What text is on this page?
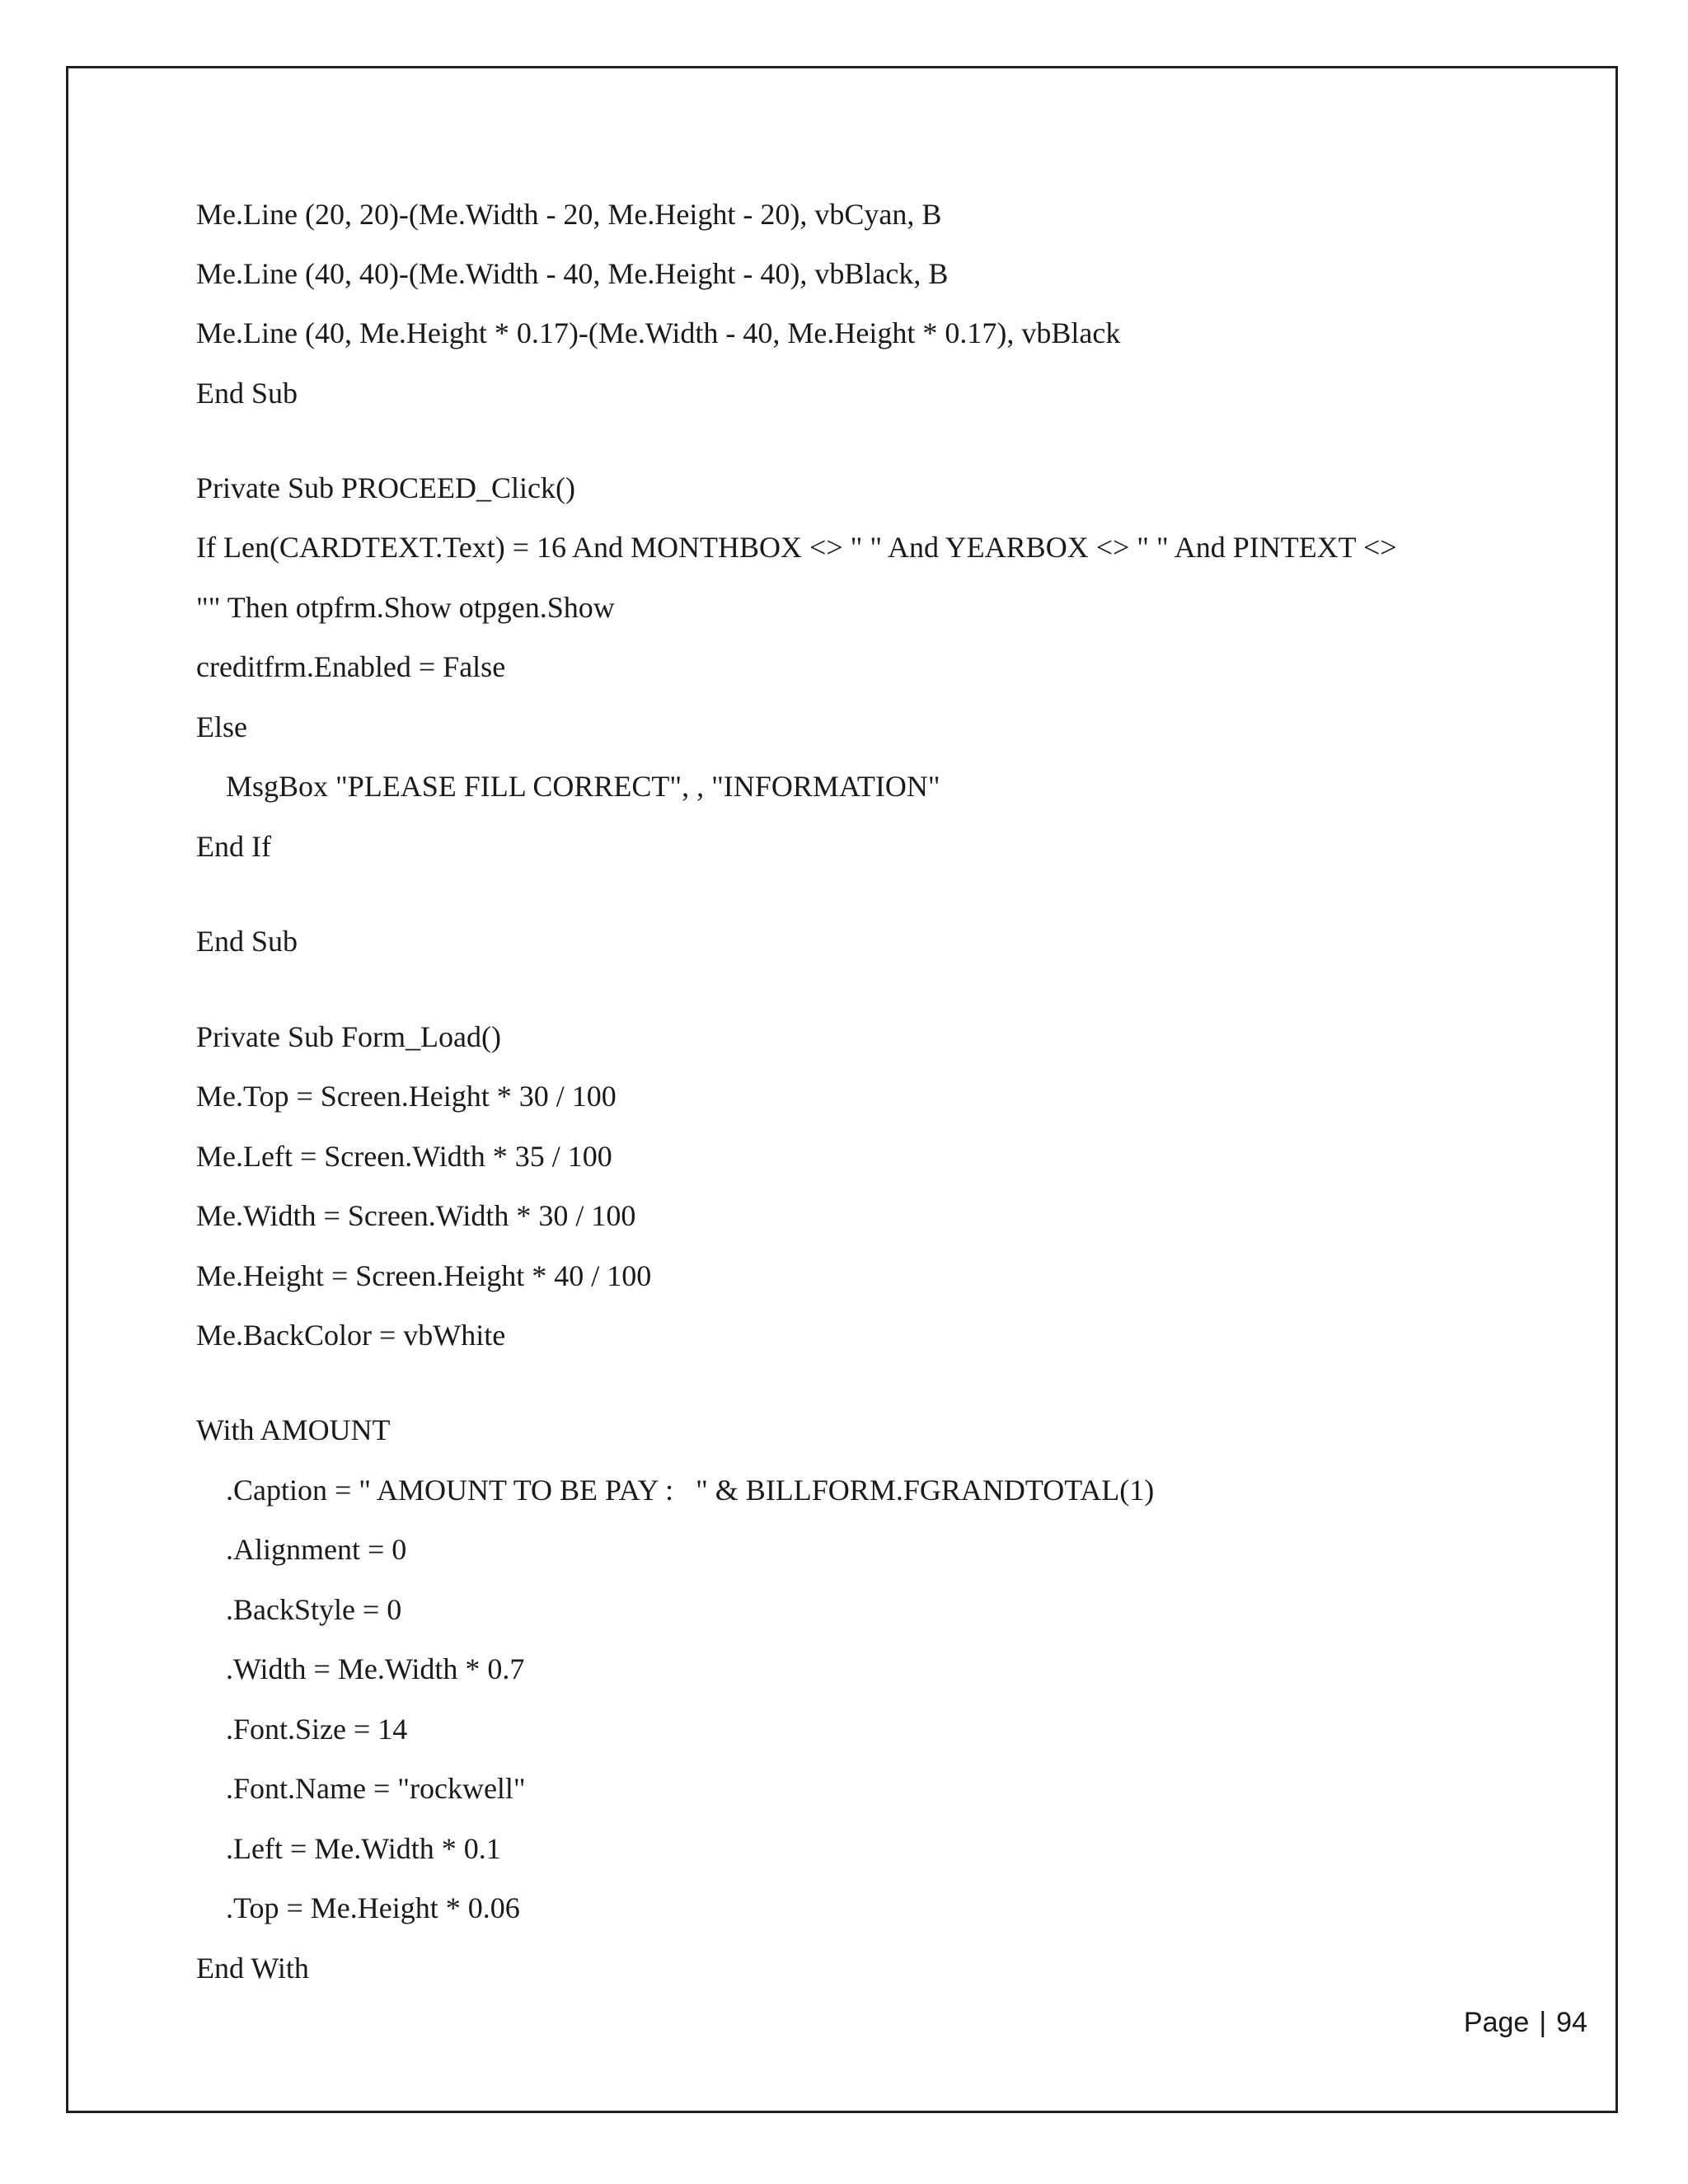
Me.Line (20, 20)-(Me.Width - 20, Me.Height - 20), vbCyan, B

Me.Line (40, 40)-(Me.Width - 40, Me.Height - 40), vbBlack, B

Me.Line (40, Me.Height * 0.17)-(Me.Width - 40, Me.Height * 0.17), vbBlack

End Sub

Private Sub PROCEED_Click()

If Len(CARDTEXT.Text) = 16 And MONTHBOX <> " " And YEARBOX <> " " And PINTEXT <>

"" Then otpfrm.Show otpgen.Show

creditfrm.Enabled = False

Else

MsgBox "PLEASE FILL CORRECT", , "INFORMATION"

End If

End Sub

Private Sub Form_Load()

Me.Top = Screen.Height * 30 / 100

Me.Left = Screen.Width * 35 / 100

Me.Width = Screen.Width * 30 / 100

Me.Height = Screen.Height * 40 / 100

Me.BackColor = vbWhite

With AMOUNT

.Caption = " AMOUNT TO BE PAY :   " & BILLFORM.FGRANDTOTAL(1)

.Alignment = 0

.BackStyle = 0

.Width = Me.Width * 0.7

.Font.Size = 14

.Font.Name = "rockwell"

.Left = Me.Width * 0.1

.Top = Me.Height * 0.06

End With

Page | 94
